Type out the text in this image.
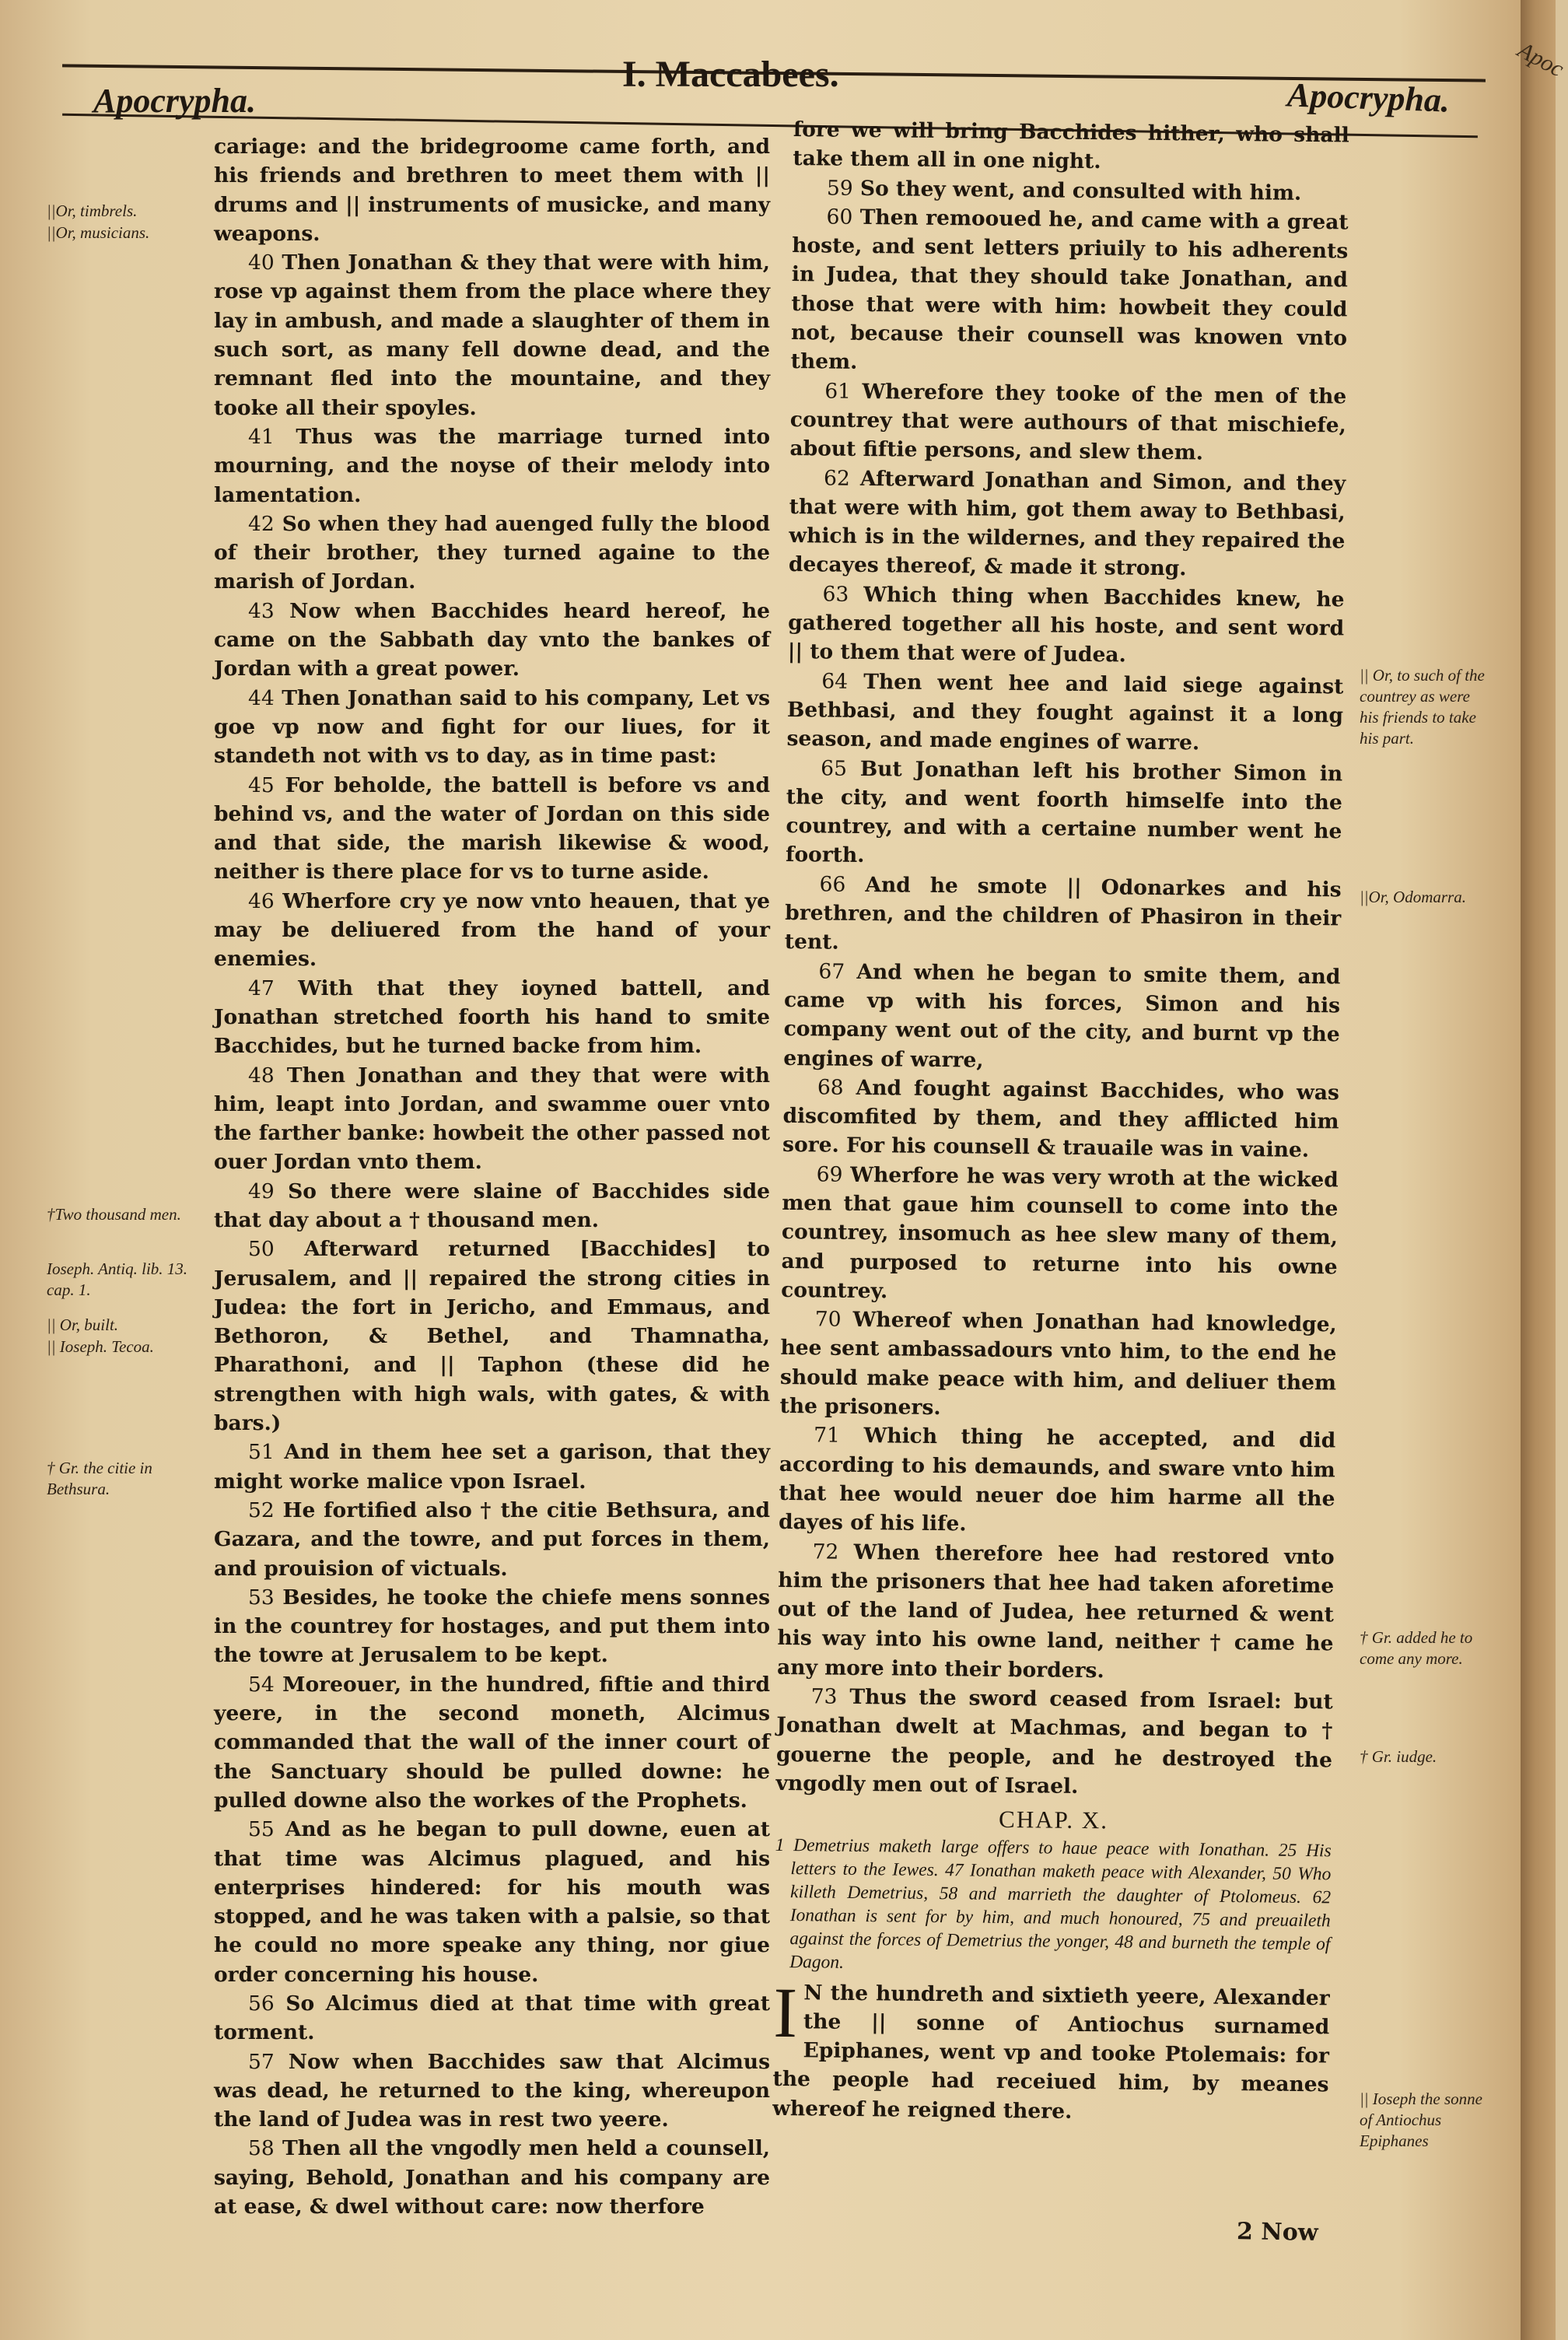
Apocrypha.
I. Maccabees.
Apocrypha.
||Or, timbrels.
||Or, musicians.
†Two thousand men.
Ioseph. Antiq. lib. 13. cap. 1.
|| Or, built.
|| Ioseph. Tecoa.
† Gr. the citie in Bethsura.

cariage: and the bridegroome came forth, and his friends and brethren to meet them with || drums and || instruments of musicke, and many weapons.

40 Then Jonathan & they that were with him, rose vp against them from the place where they lay in ambush, and made a slaughter of them in such sort, as many fell downe dead, and the remnant fled into the mountaine, and they tooke all their spoyles.

41 Thus was the marriage turned into mourning, and the noyse of their melody into lamentation.

42 So when they had auenged fully the blood of their brother, they turned againe to the marish of Jordan.

43 Now when Bacchides heard hereof, he came on the Sabbath day vnto the bankes of Jordan with a great power.

44 Then Jonathan said to his company, Let vs goe vp now and fight for our liues, for it standeth not with vs to day, as in time past:

45 For beholde, the battell is before vs and behind vs, and the water of Jordan on this side and that side, the marish likewise & wood, neither is there place for vs to turne aside.

46 Wherfore cry ye now vnto heauen, that ye may be deliuered from the hand of your enemies.

47 With that they ioyned battell, and Jonathan stretched foorth his hand to smite Bacchides, but he turned backe from him.

48 Then Jonathan and they that were with him, leapt into Jordan, and swamme ouer vnto the farther banke: howbeit the other passed not ouer Jordan vnto them.

49 So there were slaine of Bacchides side that day about a † thousand men.

50 Afterward returned [Bacchides] to Jerusalem, and || repaired the strong cities in Judea: the fort in Jericho, and Emmaus, and Bethoron, & Bethel, and Thamnatha, Pharathoni, and || Taphon (these did he strengthen with high wals, with gates, & with bars.)

51 And in them hee set a garison, that they might worke malice vpon Israel.

52 He fortified also † the citie Bethsura, and Gazara, and the towre, and put forces in them, and prouision of victuals.

53 Besides, he tooke the chiefe mens sonnes in the countrey for hostages, and put them into the towre at Jerusalem to be kept.

54 Moreouer, in the hundred, fiftie and third yeere, in the second moneth, Alcimus commanded that the wall of the inner court of the Sanctuary should be pulled downe: he pulled downe also the workes of the Prophets.

55 And as he began to pull downe, euen at that time was Alcimus plagued, and his enterprises hindered: for his mouth was stopped, and he was taken with a palsie, so that he could no more speake any thing, nor giue order concerning his house.

56 So Alcimus died at that time with great torment.

57 Now when Bacchides saw that Alcimus was dead, he returned to the king, whereupon the land of Judea was in rest two yeere.

58 Then all the vngodly men held a counsell, saying, Behold, Jonathan and his company are at ease, & dwel without care: now therfore

fore we will bring Bacchides hither, who shall take them all in one night.

59 So they went, and consulted with him.

60 Then remooued he, and came with a great hoste, and sent letters priuily to his adherents in Judea, that they should take Jonathan, and those that were with him: howbeit they could not, because their counsell was knowen vnto them.

61 Wherefore they tooke of the men of the countrey that were authours of that mischiefe, about fiftie persons, and slew them.

62 Afterward Jonathan and Simon, and they that were with him, got them away to Bethbasi, which is in the wildernes, and they repaired the decayes thereof, & made it strong.

63 Which thing when Bacchides knew, he gathered together all his hoste, and sent word || to them that were of Judea.

64 Then went hee and laid siege against Bethbasi, and they fought against it a long season, and made engines of warre.

65 But Jonathan left his brother Simon in the city, and went foorth himselfe into the countrey, and with a certaine number went he foorth.

66 And he smote || Odonarkes and his brethren, and the children of Phasiron in their tent.

67 And when he began to smite them, and came vp with his forces, Simon and his company went out of the city, and burnt vp the engines of warre,

68 And fought against Bacchides, who was discomfited by them, and they afflicted him sore. For his counsell & trauaile was in vaine.

69 Wherfore he was very wroth at the wicked men that gaue him counsell to come into the countrey, insomuch as hee slew many of them, and purposed to returne into his owne countrey.

70 Whereof when Jonathan had knowledge, hee sent ambassadours vnto him, to the end he should make peace with him, and deliuer them the prisoners.

71 Which thing he accepted, and did according to his demaunds, and sware vnto him that hee would neuer doe him harme all the dayes of his life.

72 When therefore hee had restored vnto him the prisoners that hee had taken aforetime out of the land of Judea, hee returned & went his way into his owne land, neither † came he any more into their borders.

73 Thus the sword ceased from Israel: but Jonathan dwelt at Machmas, and began to † gouerne the people, and he destroyed the vngodly men out of Israel.

CHAP. X.
1 Demetrius maketh large offers to haue peace with Ionathan. 25 His letters to the Iewes. 47 Ionathan maketh peace with Alexander, 50 Who killeth Demetrius, 58 and marrieth the daughter of Ptolomeus. 62 Ionathan is sent for by him, and much honoured, 75 and preuaileth against the forces of Demetrius the yonger, 48 and burneth the temple of Dagon.

I N the hundreth and sixtieth yeere, Alexander the || sonne of Antiochus surnamed Epiphanes, went vp and tooke Ptolemais: for the people had receiued him, by meanes whereof he reigned there.

|| Or, to such of the countrey as were his friends to take his part.
||Or, Odomarra.
† Gr. added he to come any more.
† Gr. iudge.
|| Ioseph the sonne of Antiochus Epiphanes
2 Now
Apoc
